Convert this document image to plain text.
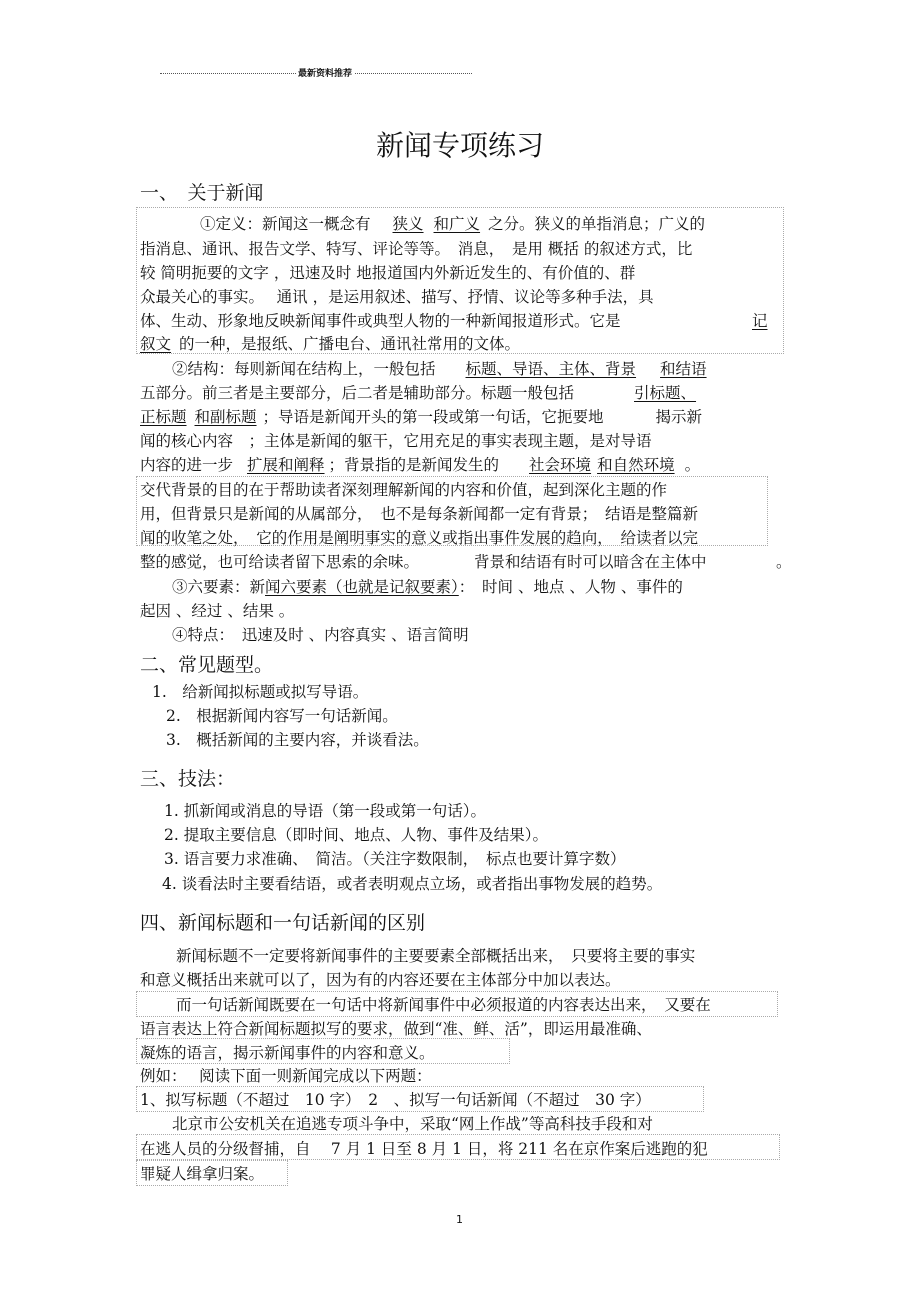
最新资料推荐
新闻专项练习
一、　关于新闻
①定义：新闻这一概念有 狭义 和广义 之分。狭义的单指消息；广义的
指消息、通讯、报告文学、特写、评论等等。　消息，　是用 概括 的叙述方式，比
较 简明扼要的文字 ，迅速及时 地报道国内外新近发生的、有价值的、群
众最关心的事实。　 通讯 ，是运用叙述、描写、抒情、议论等多种手法，具
体、生动、形象地反映新闻事件或典型人物的一种新闻报道形式。它是	记
叙文 的一种，是报纸、广播电台、通讯社常用的文体。
②结构：每则新闻在结构上，一般包括 标题、导语、主体、背景 和结语
五部分。前三者是主要部分，后二者是辅助部分。标题一般包括	引标题、
正标题 和副标题 ；导语是新闻开头的第一段或第一句话，它扼要地	揭示新
闻的核心内容　；主体是新闻的躯干，它用充足的事实表现主题，是对导语
内容的进一步 扩展和阐释 ；背景指的是新闻发生的 社会环境 和自然环境 。
交代背景的目的在于帮助读者深刻理解新闻的内容和价值，起到深化主题的作
用，但背景只是新闻的从属部分，　也不是每条新闻都一定有背景；　结语是整篇新
闻的收笔之处，　它的作用是阐明事实的意义或指出事件发展的趋向，　给读者以完
整的感觉，也可给读者留下思索的余味。	背景和结语有时可以暗含在主体中	。
③六要素：新闻六要素（也就是记叙要素）：　时间 、地点 、人物 、事件的
起因 、经过 、结果 。
④特点：　迅速及时 、内容真实 、语言简明
二、常见题型。
1.　给新闻拟标题或拟写导语。
2.　根据新闻内容写一句话新闻。
3.　概括新闻的主要内容，并谈看法。
三、技法：
1. 抓新闻或消息的导语（第一段或第一句话）。
2. 提取主要信息（即时间、地点、人物、事件及结果）。
3. 语言要力求准确、　简洁。（关注字数限制，　标点也要计算字数）
4. 谈看法时主要看结语，或者表明观点立场，或者指出事物发展的趋势。
四、新闻标题和一句话新闻的区别
新闻标题不一定要将新闻事件的主要要素全部概括出来，　只要将主要的事实
和意义概括出来就可以了，因为有的内容还要在主体部分中加以表达。
而一句话新闻既要在一句话中将新闻事件中必须报道的内容表达出来，　又要在
语言表达上符合新闻标题拟写的要求，做到“准、鲜、活”，即运用最准确、
凝炼的语言，揭示新闻事件的内容和意义。
例如：　 阅读下面一则新闻完成以下两题：
1、拟写标题（不超过　10 字）　2　、拟写一句话新闻（不超过　30 字）
北京市公安机关在追逃专项斗争中，采取“网上作战”等高科技手段和对
在逃人员的分级督捕，自　 7 月 1 日至 8 月 1 日，将 211 名在京作案后逃跑的犯
罪疑人缉拿归案。
1
